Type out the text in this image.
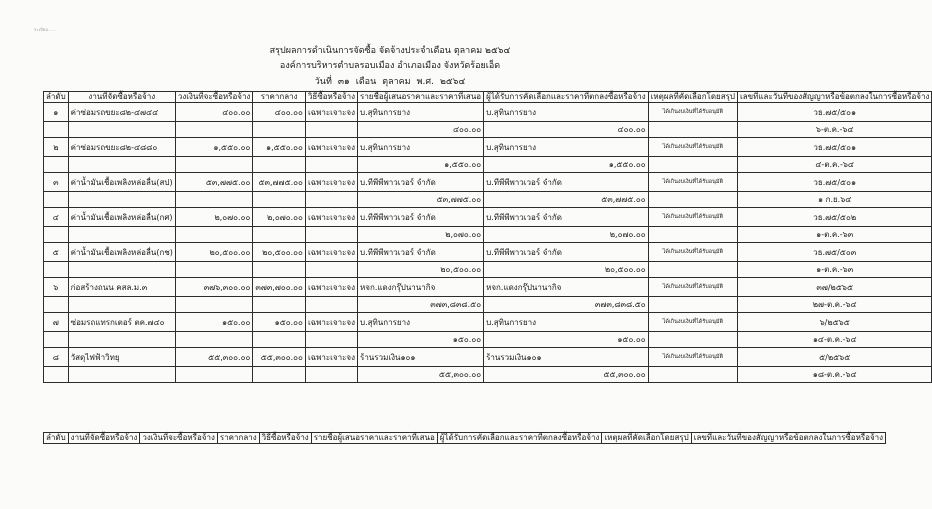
ระเบียบ.....
สรุปผลการดำเนินการจัดซื้อ จัดจ้างประจำเดือน ตุลาคม ๒๕๖๔
องค์การบริหารตำบลรอบเมือง อำเภอเมือง จังหวัดร้อยเอ็ด
วันที่ ๓๑ เดือน ตุลาคม พ.ศ. ๒๕๖๔
ลำดับ	งานที่จัดซื้อหรือจ้าง	วงเงินที่จะซื้อหรือจ้าง	ราคากลาง	วิธีซื้อหรือจ้าง	รายชื่อผู้เสนอราคาและราคาที่เสนอ	ผู้ได้รับการคัดเลือกและราคาที่ตกลงซื้อหรือจ้าง	เหตุผลที่คัดเลือกโดยสรุป	เลขที่และวันที่ของสัญญาหรือข้อตกลงในการซื้อหรือจ้าง
๑	ค่าซ่อมรถขยะ๘๒-๔๗๔๔	๔๐๐.๐๐	๔๐๐.๐๐	เฉพาะเจาะจง	บ.สุทินการยาง	บ.สุทินการยาง	ได้เกินงบเงินที่ได้รับอนุมัติ	วธ.๗๕/๕๐๑
					๔๐๐.๐๐	๔๐๐.๐๐		๖-ต.ค.-๖๔
๒	ค่าซ่อมรถขยะ๘๒-๔๘๘๐	๑,๕๕๐.๐๐	๑,๕๕๐.๐๐	เฉพาะเจาะจง	บ.สุทินการยาง	บ.สุทินการยาง	ได้เกินงบเงินที่ได้รับอนุมัติ	วธ.๗๕/๕๐๑
					๑,๕๕๐.๐๐	๑,๕๕๐.๐๐		๔-ต.ค.-๖๔
๓	ค่าน้ำมันเชื้อเพลิงหล่อลื่น(สป)	๕๓,๗๗๕.๐๐	๕๓,๗๗๕.๐๐	เฉพาะเจาะจง	บ.ทีพีพีพาวเวอร์ จำกัด	บ.ทีพีพีพาวเวอร์ จำกัด	ได้เกินงบเงินที่ได้รับอนุมัติ	วธ.๗๕/๕๐๑
					๕๓,๗๗๕.๐๐	๕๓,๗๗๕.๐๐		๑ ก.ย.๖๔
๔	ค่าน้ำมันเชื้อเพลิงหล่อลื่น(กศ)	๒,๐๗๐.๐๐	๒,๐๗๐.๐๐	เฉพาะเจาะจง	บ.ทีพีพีพาวเวอร์ จำกัด	บ.ทีพีพีพาวเวอร์ จำกัด	ได้เกินงบเงินที่ได้รับอนุมัติ	วธ.๗๕/๕๐๒
					๒,๐๗๐.๐๐	๒,๐๗๐.๐๐		๑-ต.ค.-๖๓
๕	ค่าน้ำมันเชื้อเพลิงหล่อลื่น(กช)	๒๐,๕๐๐.๐๐	๒๐,๕๐๐.๐๐	เฉพาะเจาะจง	บ.ทีพีพีพาวเวอร์ จำกัด	บ.ทีพีพีพาวเวอร์ จำกัด	ได้เกินงบเงินที่ได้รับอนุมัติ	วธ.๗๕/๕๐๓
					๒๐,๕๐๐.๐๐	๒๐,๕๐๐.๐๐		๑-ต.ค.-๖๓
๖	ก่อสร้างถนน คสล.ม.๓	๓๗๖,๓๐๐.๐๐	๓๗๓,๗๐๐.๐๐	เฉพาะเจาะจง	หจก.แดงกรุ๊ปนานากิจ	หจก.แดงกรุ๊ปนานากิจ	ได้เกินงบเงินที่ได้รับอนุมัติ	๓๗/๒๕๖๕
					๓๗๓,๘๓๘.๕๐	๓๗๓,๘๓๘.๕๐		๒๗-ต.ค.-๖๔
๗	ซ่อมรถแทรกเตอร์ ตค.๗๔๐	๑๕๐.๐๐	๑๕๐.๐๐	เฉพาะเจาะจง	บ.สุทินการยาง	บ.สุทินการยาง	ได้เกินงบเงินที่ได้รับอนุมัติ	๖/๒๕๖๕
					๑๕๐.๐๐	๑๕๐.๐๐		๑๔-ต.ค.-๖๔
๘	วัสดุไฟฟ้าวิทยุ	๕๕,๓๐๐.๐๐	๕๕,๓๐๐.๐๐	เฉพาะเจาะจง	ร้านรวมเงิน๑๐๑	ร้านรวมเงิน๑๐๑	ได้เกินงบเงินที่ได้รับอนุมัติ	๕/๒๕๖๕
					๕๕,๓๐๐.๐๐	๕๕,๓๐๐.๐๐		๑๘-ต.ค.-๖๔
ลำดับ	งานที่จัดซื้อหรือจ้าง	วงเงินที่จะซื้อหรือจ้าง	ราคากลาง	วิธีซื้อหรือจ้าง	รายชื่อผู้เสนอราคาและราคาที่เสนอ	ผู้ได้รับการคัดเลือกและราคาที่ตกลงซื้อหรือจ้าง	เหตุผลที่คัดเลือกโดยสรุป	เลขที่และวันที่ของสัญญาหรือข้อตกลงในการซื้อหรือจ้าง
